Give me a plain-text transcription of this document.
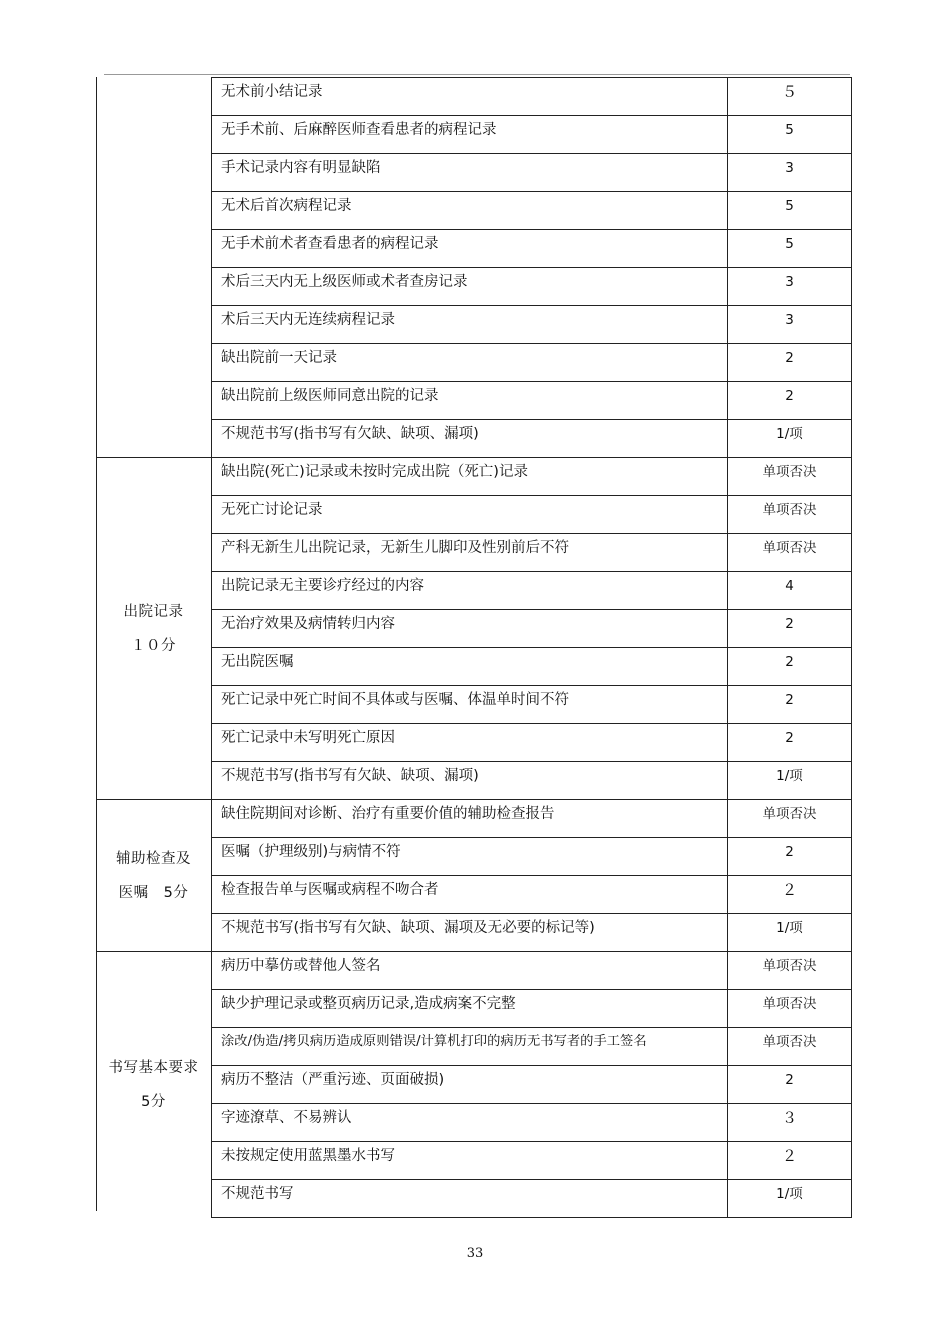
	无术前小结记录	５
	无手术前、后麻醉医师查看患者的病程记录	5
	手术记录内容有明显缺陷	3
	无术后首次病程记录	5
	无手术前术者查看患者的病程记录	5
	术后三天内无上级医师或术者查房记录	3
	术后三天内无连续病程记录	3
	缺出院前一天记录	2
	缺出院前上级医师同意出院的记录	2
	不规范书写(指书写有欠缺、缺项、漏项)	1/项

出院记录
１０分	缺出院(死亡)记录或未按时完成出院（死亡)记录	单项否决
	无死亡讨论记录	单项否决
	产科无新生儿出院记录，无新生儿脚印及性别前后不符	单项否决
	出院记录无主要诊疗经过的内容	4
	无治疗效果及病情转归内容	2
	无出院医嘱	2
	死亡记录中死亡时间不具体或与医嘱、体温单时间不符	2
	死亡记录中未写明死亡原因	2
	不规范书写(指书写有欠缺、缺项、漏项)	1/项

辅助检查及
医嘱　5分	缺住院期间对诊断、治疗有重要价值的辅助检查报告	单项否决
	医嘱（护理级别)与病情不符	2
	检查报告单与医嘱或病程不吻合者	２
	不规范书写(指书写有欠缺、缺项、漏项及无必要的标记等)	1/项

书写基本要求
5分	病历中摹仿或替他人签名	单项否决
	缺少护理记录或整页病历记录,造成病案不完整	单项否决
	涂改/伪造/拷贝病历造成原则错误/计算机打印的病历无书写者的手工签名	单项否决
	病历不整洁（严重污迹、页面破损)	2
	字迹潦草、不易辨认	３
	未按规定使用蓝黑墨水书写	２
	不规范书写	1/项
33
